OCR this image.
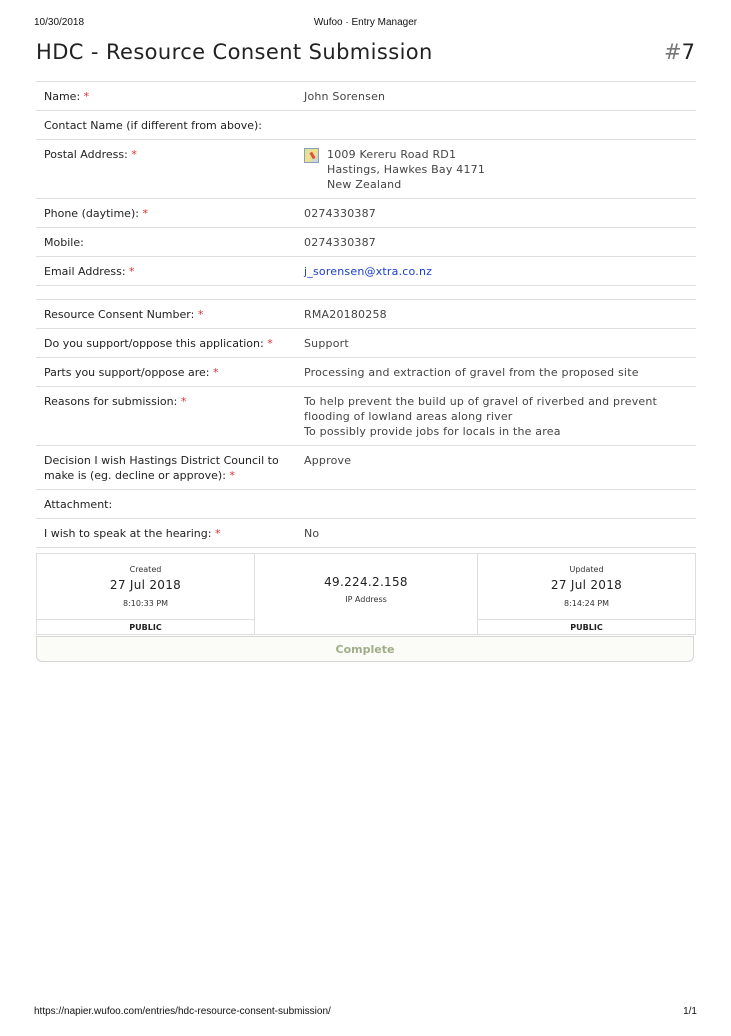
10/30/2018	Wufoo · Entry Manager
HDC - Resource Consent Submission	#7
Name: *	John Sorensen
Contact Name (if different from above):	
Postal Address: *	1009 Kereru Road RD1
Hastings, Hawkes Bay 4171
New Zealand

Phone (daytime): *	0274330387
Mobile:	0274330387
Email Address: *	j_sorensen@xtra.co.nz

Resource Consent Number: *	RMA20180258
Do you support/oppose this application: *	Support
Parts you support/oppose are: *	Processing and extraction of gravel from the proposed site
Reasons for submission: *	To help prevent the build up of gravel of riverbed and prevent
flooding of lowland areas along river
To possibly provide jobs for locals in the area

Decision I wish Hastings District Council to make is (eg. decline or approve): *	Approve
Attachment:	
I wish to speak at the hearing: *	No
Created
27 Jul 2018
8:10:33 PM
PUBLIC
49.224.2.158
IP Address
Updated
27 Jul 2018
8:14:24 PM
PUBLIC
Complete
https://napier.wufoo.com/entries/hdc-resource-consent-submission/	1/1
